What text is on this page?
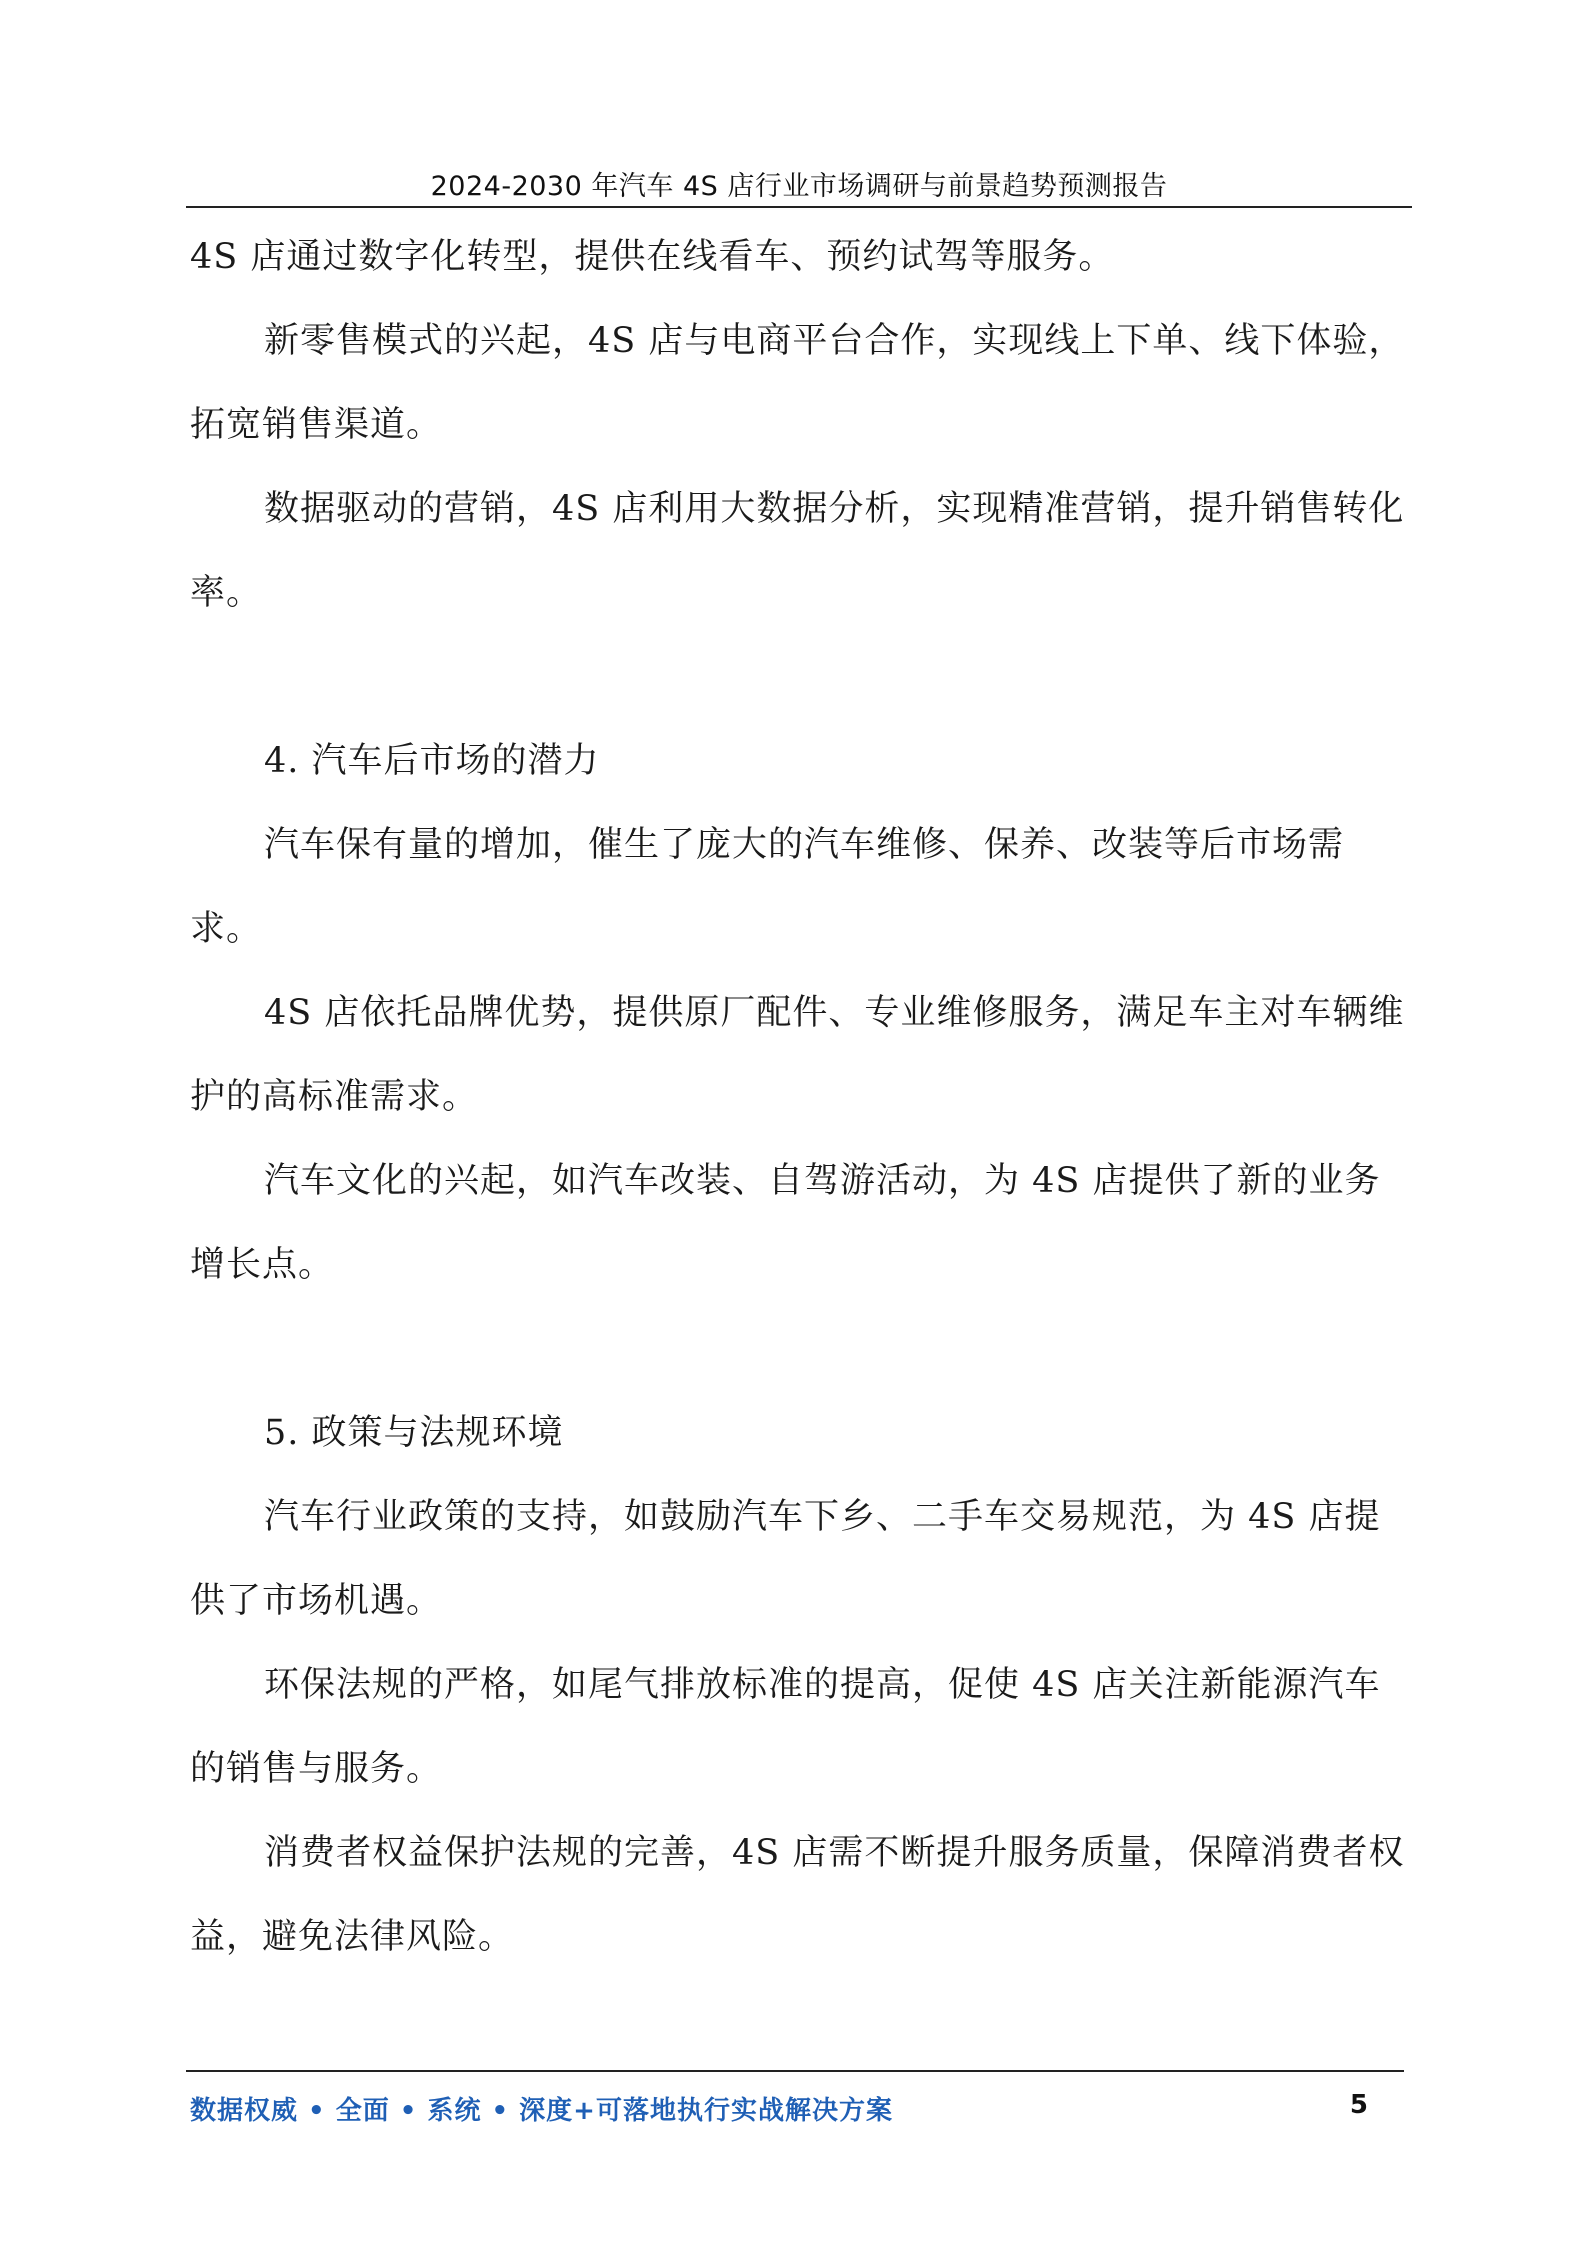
2024-2030 年汽车 4S 店行业市场调研与前景趋势预测报告

4S 店通过数字化转型，提供在线看车、预约试驾等服务。

新零售模式的兴起，4S 店与电商平台合作，实现线上下单、线下体验，拓宽销售渠道。

数据驱动的营销，4S 店利用大数据分析，实现精准营销，提升销售转化率。

4. 汽车后市场的潜力

汽车保有量的增加，催生了庞大的汽车维修、保养、改装等后市场需求。

4S 店依托品牌优势，提供原厂配件、专业维修服务，满足车主对车辆维护的高标准需求。

汽车文化的兴起，如汽车改装、自驾游活动，为 4S 店提供了新的业务增长点。

5. 政策与法规环境

汽车行业政策的支持，如鼓励汽车下乡、二手车交易规范，为 4S 店提供了市场机遇。

环保法规的严格，如尾气排放标准的提高，促使 4S 店关注新能源汽车的销售与服务。

消费者权益保护法规的完善，4S 店需不断提升服务质量，保障消费者权益，避免法律风险。

数据权威 • 全面 • 系统 • 深度+可落地执行实战解决方案	5
